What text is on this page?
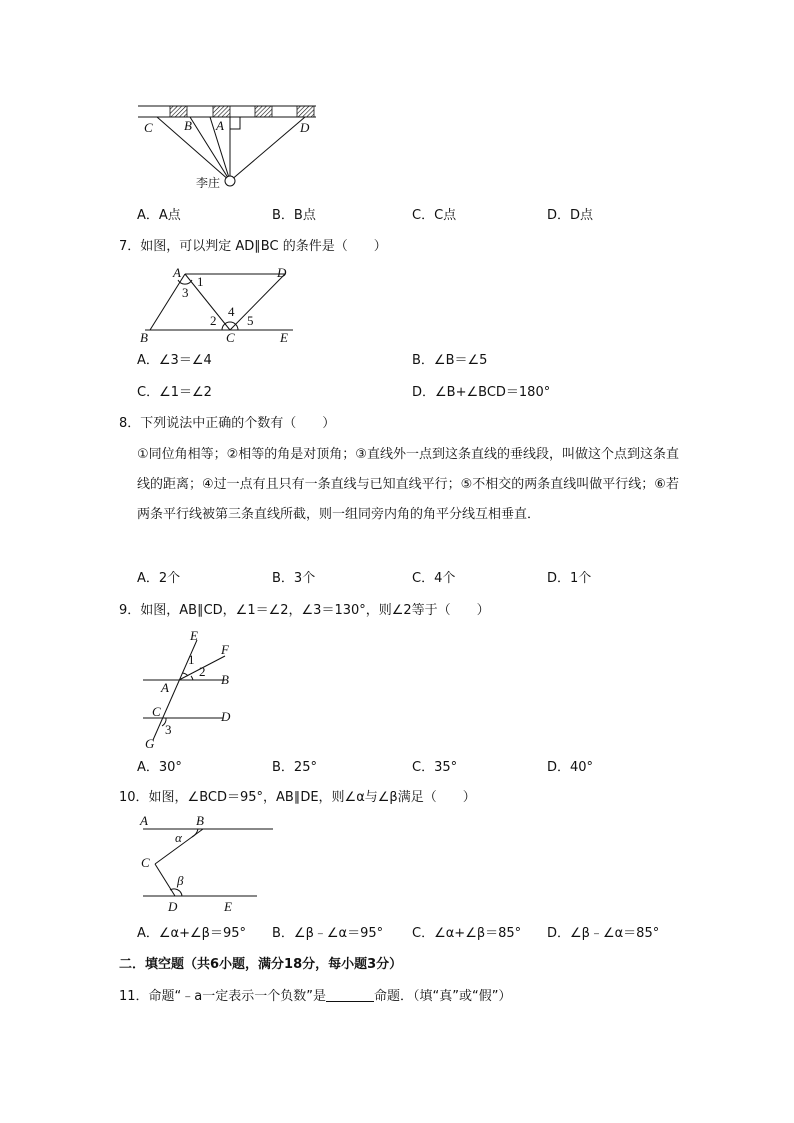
C B A	D
李庄
A．A点	B．B点	C．C点	D．D点
7．如图，可以判定 AD∥BC 的条件是（　　）
A	D
B	C	E
1
3
2
4
5
A．∠3＝∠4	B．∠B＝∠5
C．∠1＝∠2	D．∠B+∠BCD＝180°
8．下列说法中正确的个数有（　　）
①同位角相等；②相等的角是对顶角；③直线外一点到这条直线的垂线段，叫做这个点到这条直线的距离；④过一点有且只有一条直线与已知直线平行；⑤不相交的两条直线叫做平行线；⑥若两条平行线被第三条直线所截，则一组同旁内角的角平分线互相垂直．
A．2个	B．3个	C．4个	D．1个
9．如图，AB∥CD，∠1＝∠2，∠3＝130°，则∠2等于（　　）
E
F
1
2
A
B
C	D
3
G
A．30°	B．25°	C．35°	D．40°
10．如图，∠BCD＝95°，AB∥DE，则∠α与∠β满足（　　）
A	B
α
C
β
D	E
A．∠α+∠β＝95° B．∠β﹣∠α＝95° C．∠α+∠β＝85° D．∠β﹣∠α＝85°
二．填空题（共6小题，满分18分，每小题3分）
11．命题“﹣a一定表示一个负数”是	命题．（填“真”或“假”）
